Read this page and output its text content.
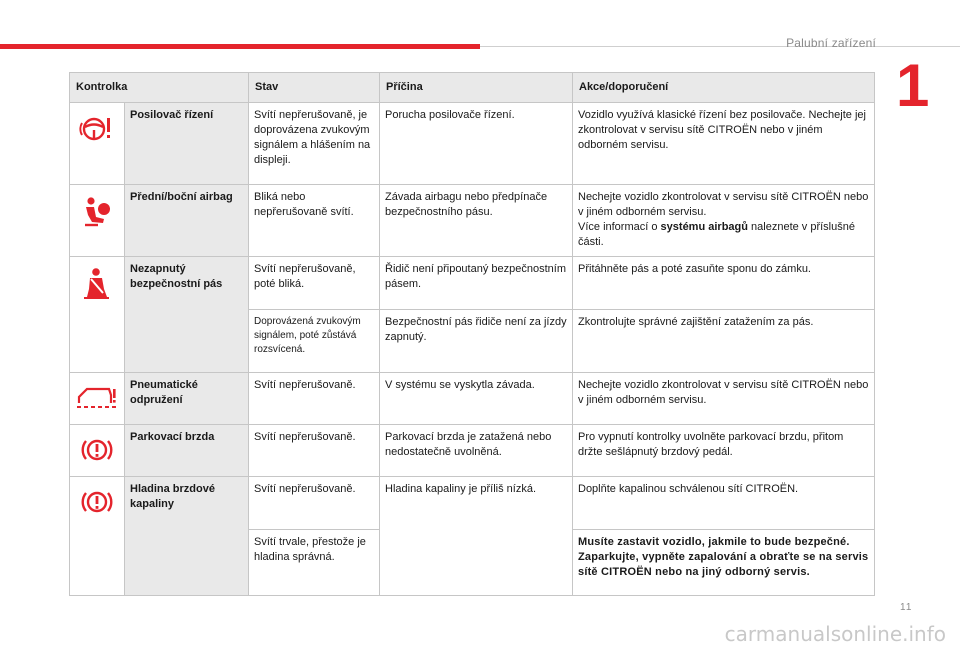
Palubní zařízení
1
Kontrolka		Stav	Příčina	Akce/doporučení
	Posilovač řízení	Svítí nepřerušovaně, je doprovázena zvukovým signálem a hlášením na displeji.	Porucha posilovače řízení.	Vozidlo využívá klasické řízení bez posilovače. Nechejte jej zkontrolovat v servisu sítě CITROËN nebo v jiném odborném servisu.
	Přední/boční airbag	Bliká nebo nepřerušovaně svítí.	Závada airbagu nebo předpínače bezpečnostního pásu.	Nechejte vozidlo zkontrolovat v servisu sítě CITROËN nebo v jiném odborném servisu.
Více informací o systému airbagů naleznete v příslušné části.
	Nezapnutý bezpečnostní pás	Svítí nepřerušovaně, poté bliká.	Řidič není připoutaný bezpečnostním pásem.	Přitáhněte pás a poté zasuňte sponu do zámku.
		Doprovázená zvukovým signálem, poté zůstává rozsvícená.	Bezpečnostní pás řidiče není za jízdy zapnutý.	Zkontrolujte správné zajištění zatažením za pás.
	Pneumatické odpružení	Svítí nepřerušovaně.	V systému se vyskytla závada.	Nechejte vozidlo zkontrolovat v servisu sítě CITROËN nebo v jiném odborném servisu.
	Parkovací brzda	Svítí nepřerušovaně.	Parkovací brzda je zatažená nebo nedostatečně uvolněná.	Pro vypnutí kontrolky uvolněte parkovací brzdu, přitom držte sešlápnutý brzdový pedál.
	Hladina brzdové kapaliny	Svítí nepřerušovaně.	Hladina kapaliny je příliš nízká.	Doplňte kapalinou schválenou sítí CITROËN.
		Svítí trvale, přestože je hladina správná.		Musíte zastavit vozidlo, jakmile to bude bezpečné. Zaparkujte, vypněte zapalování a obraťte se na servis sítě CITROËN nebo na jiný odborný servis.
11
carmanualsonline.info
